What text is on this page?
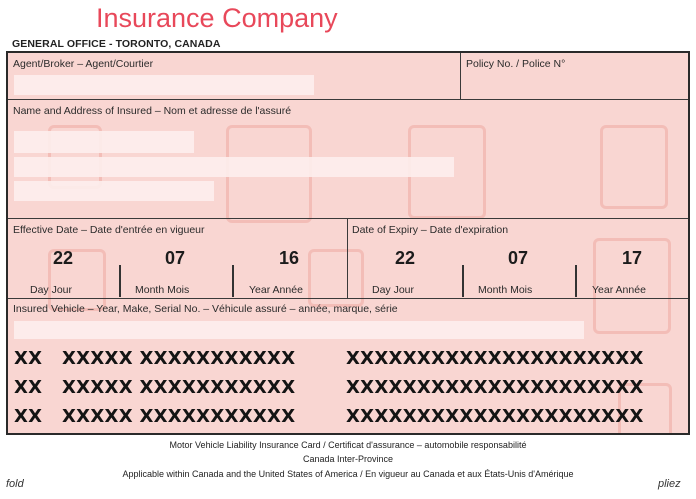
Insurance Company
GENERAL OFFICE - TORONTO, CANADA
Agent/Broker – Agent/Courtier	Policy No. / Police N°
Name and Address of Insured – Nom et adresse de l'assuré
Effective Date – Date d'entrée en vigueur
22	07	16
Day Jour	Month Mois	Year Année
Date of Expiry – Date d'expiration
22	07	17
Day Jour	Month Mois	Year Année
Insured Vehicle – Year, Make, Serial No. – Véhicule assuré – année, marque, série
XX XXXXX XXXXXXXXXXX	XXXXXXXXXXXXXXXXXXXXX
XX XXXXX XXXXXXXXXXX	XXXXXXXXXXXXXXXXXXXXX
XX XXXXX XXXXXXXXXXX	XXXXXXXXXXXXXXXXXXXXX
Motor Vehicle Liability Insurance Card / Certificat d'assurance – automobile responsabilité
Canada Inter-Province
Applicable within Canada and the United States of America / En vigueur au Canada et aux États-Unis d'Amérique
fold	pliez
